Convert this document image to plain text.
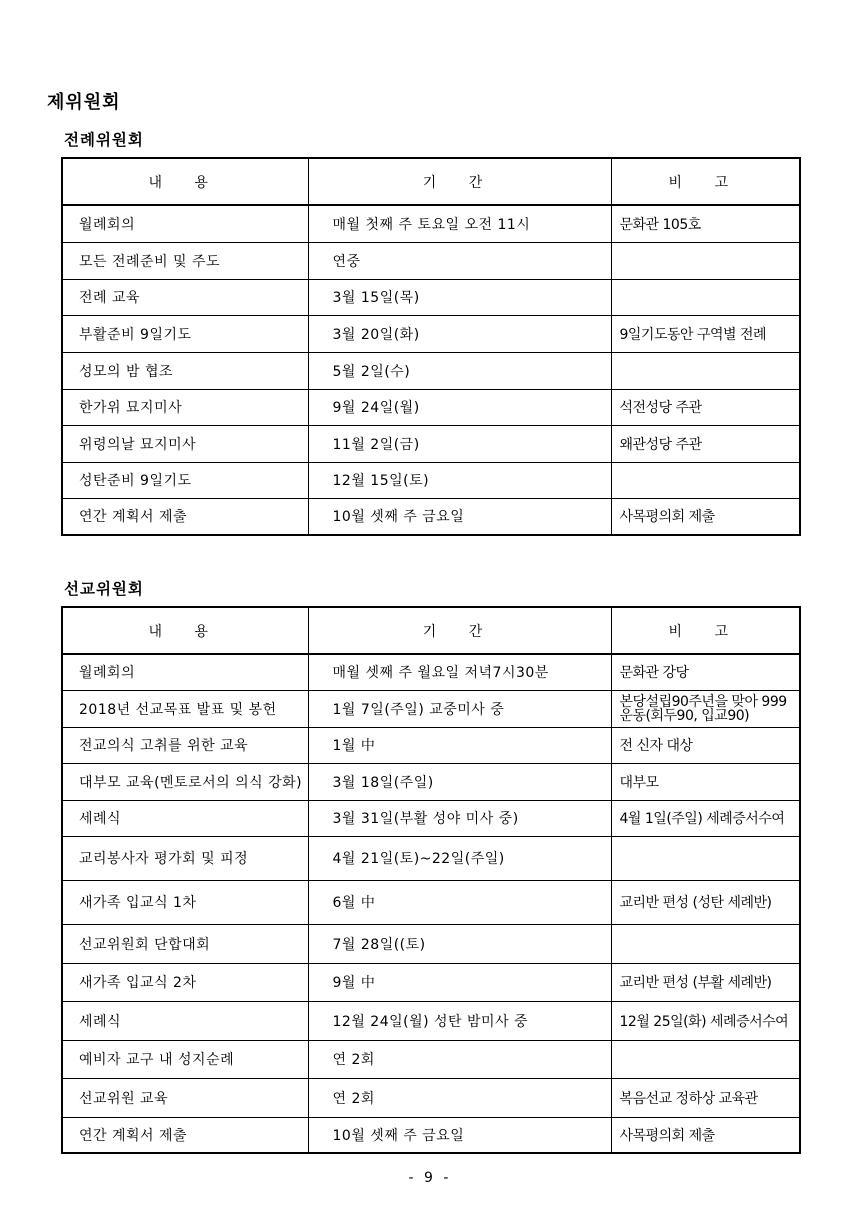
제위원회
전례위원회
내 용	기 간	비 고
월례회의	매월 첫째 주 토요일 오전 11시	문화관 105호
모든 전례준비 및 주도	연중	
전례 교육	3월 15일(목)	
부활준비 9일기도	3월 20일(화)	9일기도동안 구역별 전례
성모의 밤 협조	5월 2일(수)	
한가위 묘지미사	9월 24일(월)	석전성당 주관
위령의날 묘지미사	11월 2일(금)	왜관성당 주관
성탄준비 9일기도	12월 15일(토)	
연간 계획서 제출	10월 셋째 주 금요일	사목평의회 제출
선교위원회
내 용	기 간	비 고
월례회의	매월 셋째 주 월요일 저녁7시30분	문화관 강당
2018년 선교목표 발표 및 봉헌	1월 7일(주일) 교중미사 중	본당설립90주년을 맞아 999운동(회두90, 입교90)
전교의식 고취를 위한 교육	1월 中	전 신자 대상
대부모 교육(멘토로서의 의식 강화)	3월 18일(주일)	대부모
세례식	3월 31일(부활 성야 미사 중)	4월 1일(주일) 세례증서수여
교리봉사자 평가회 및 피정	4월 21일(토)~22일(주일)	
새가족 입교식 1차	6월 中	교리반 편성 (성탄 세례반)
선교위원회 단합대회	7월 28일((토)	
새가족 입교식 2차	9월 中	교리반 편성 (부활 세례반)
세례식	12월 24일(월) 성탄 밤미사 중	12월 25일(화) 세례증서수여
예비자 교구 내 성지순례	연 2회	
선교위원 교육	연 2회	복음선교 정하상 교육관
연간 계획서 제출	10월 셋째 주 금요일	사목평의회 제출
- 9 -
